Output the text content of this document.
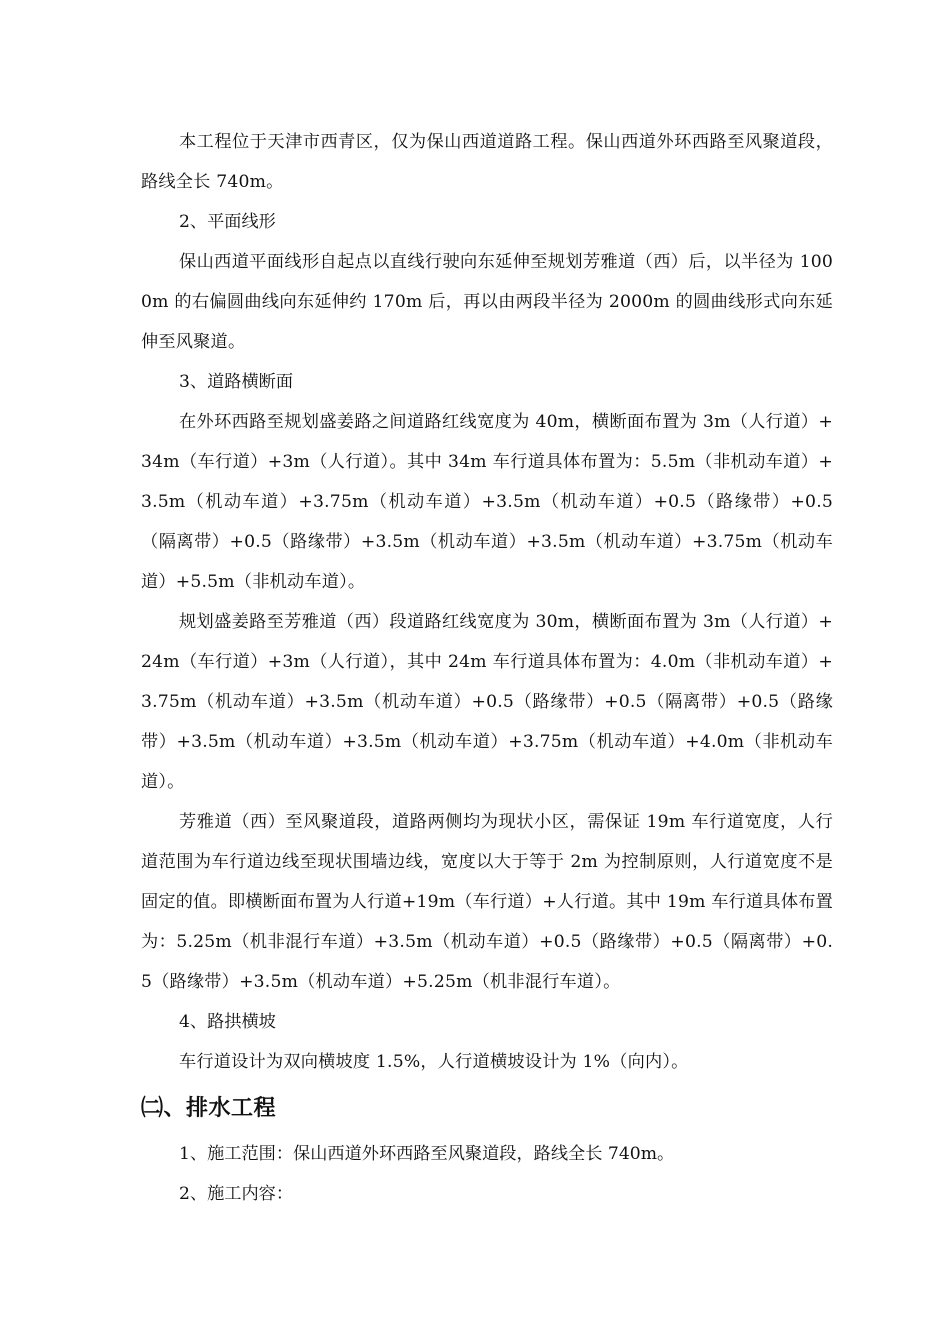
本工程位于天津市西青区，仅为保山西道道路工程。保山西道外环西路至风聚道段，路线全长 740m。

2、平面线形

保山西道平面线形自起点以直线行驶向东延伸至规划芳雅道（西）后，以半径为 1000m 的右偏圆曲线向东延伸约 170m 后，再以由两段半径为 2000m 的圆曲线形式向东延伸至风聚道。

3、道路横断面

在外环西路至规划盛姜路之间道路红线宽度为 40m，横断面布置为 3m（人行道）+34m（车行道）+3m（人行道）。其中 34m 车行道具体布置为：5.5m（非机动车道）+3.5m（机动车道）+3.75m（机动车道）+3.5m（机动车道）+0.5（路缘带）+0.5（隔离带）+0.5（路缘带）+3.5m（机动车道）+3.5m（机动车道）+3.75m（机动车道）+5.5m（非机动车道）。

规划盛姜路至芳雅道（西）段道路红线宽度为 30m，横断面布置为 3m（人行道）+24m（车行道）+3m（人行道），其中 24m 车行道具体布置为：4.0m（非机动车道）+3.75m（机动车道）+3.5m（机动车道）+0.5（路缘带）+0.5（隔离带）+0.5（路缘带）+3.5m（机动车道）+3.5m（机动车道）+3.75m（机动车道）+4.0m（非机动车道）。

芳雅道（西）至风聚道段，道路两侧均为现状小区，需保证 19m 车行道宽度，人行道范围为车行道边线至现状围墙边线，宽度以大于等于 2m 为控制原则，人行道宽度不是固定的值。即横断面布置为人行道+19m（车行道）+人行道。其中 19m 车行道具体布置为：5.25m（机非混行车道）+3.5m（机动车道）+0.5（路缘带）+0.5（隔离带）+0.5（路缘带）+3.5m（机动车道）+5.25m（机非混行车道）。

4、路拱横坡

车行道设计为双向横坡度 1.5%，人行道横坡设计为 1%（向内）。

㈡、排水工程

1、施工范围：保山西道外环西路至风聚道段，路线全长 740m。

2、施工内容：
